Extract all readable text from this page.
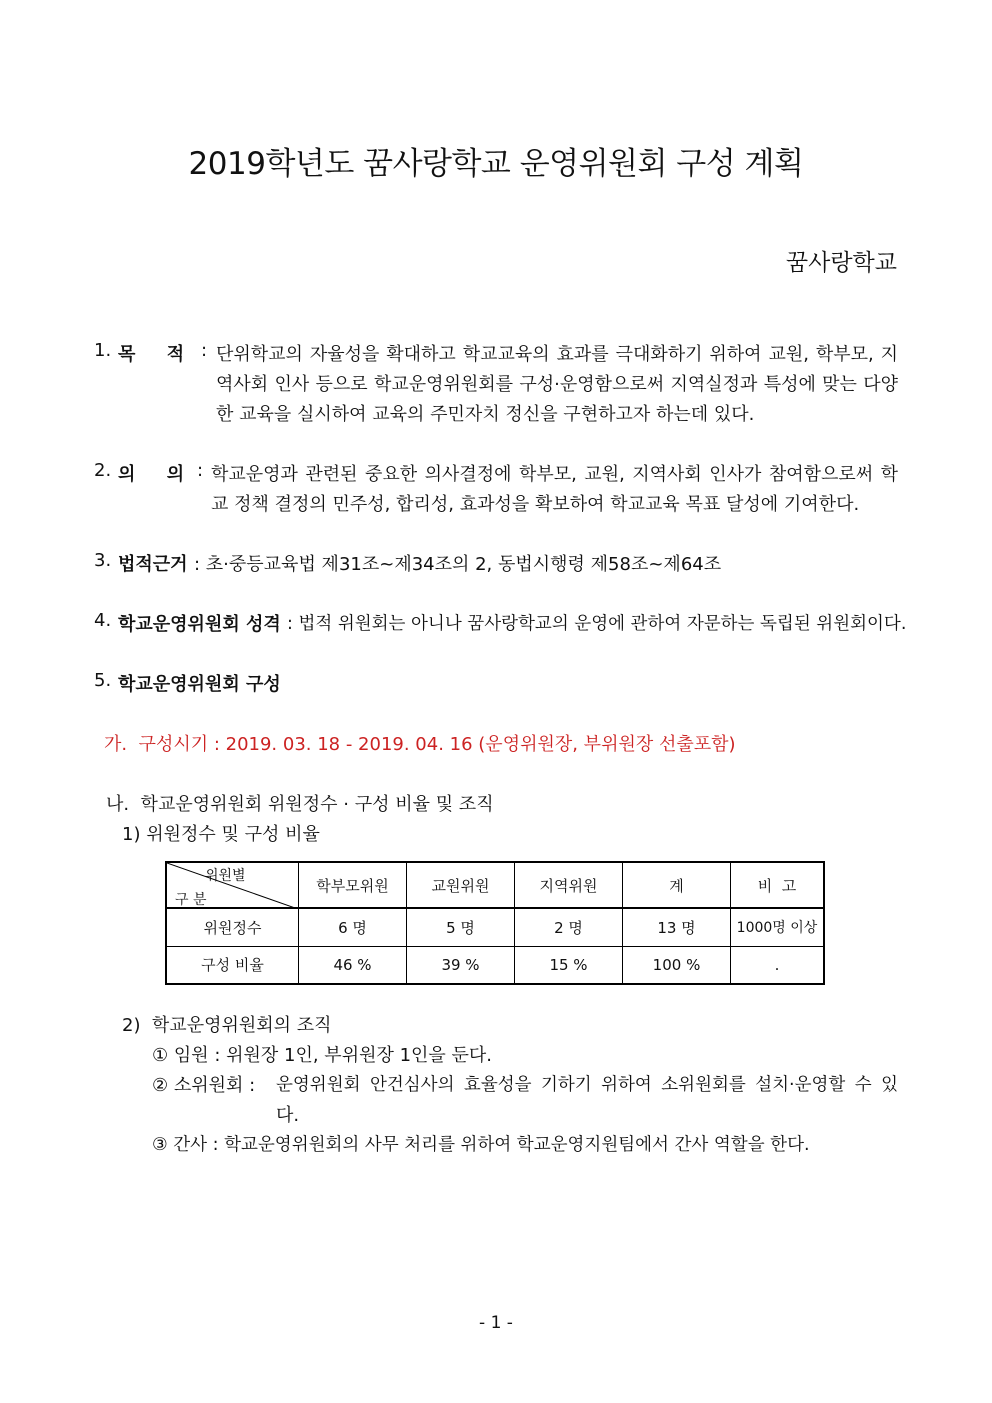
2019학년도 꿈사랑학교 운영위원회 구성 계획
꿈사랑학교
1. 목     적 : 단위학교의 자율성을 확대하고 학교교육의 효과를 극대화하기 위하여 교원, 학부모, 지
역사회 인사 등으로 학교운영위원회를 구성·운영함으로써 지역실정과 특성에 맞는 다양
한 교육을 실시하여 교육의 주민자치 정신을 구현하고자 하는데 있다.
2. 의     의 : 학교운영과 관련된 중요한 의사결정에 학부모, 교원, 지역사회 인사가 참여함으로써 학
교 정책 결정의 민주성, 합리성, 효과성을 확보하여 학교교육 목표 달성에 기여한다.
3. 법적근거 : 초·중등교육법 제31조~제34조의 2, 동법시행령 제58조~제64조
4. 학교운영위원회 성격 : 법적 위원회는 아니나 꿈사랑학교의 운영에 관하여 자문하는 독립된 위원회이다.
5. 학교운영위원회 구성
가.  구성시기 : 2019. 03. 18 - 2019. 04. 16 (운영위원장, 부위원장 선출포함)
나.  학교운영위원회 위원정수 · 구성 비율 및 조직
1) 위원정수 및 구성 비율
위원별
구 분	학부모위원	교원위원	지역위원	계	비  고
위원정수	6 명	5 명	2 명	13 명	1000명 이상
구성 비율	46 %	39 %	15 %	100 %	.
2)  학교운영위원회의 조직
① 임원 : 위원장 1인, 부위원장 1인을 둔다.
② 소위원회 : 운영위원회 안건심사의 효율성을 기하기 위하여 소위원회를 설치·운영할 수 있
다.
③ 간사 : 학교운영위원회의 사무 처리를 위하여 학교운영지원팀에서 간사 역할을 한다.
- 1 -
